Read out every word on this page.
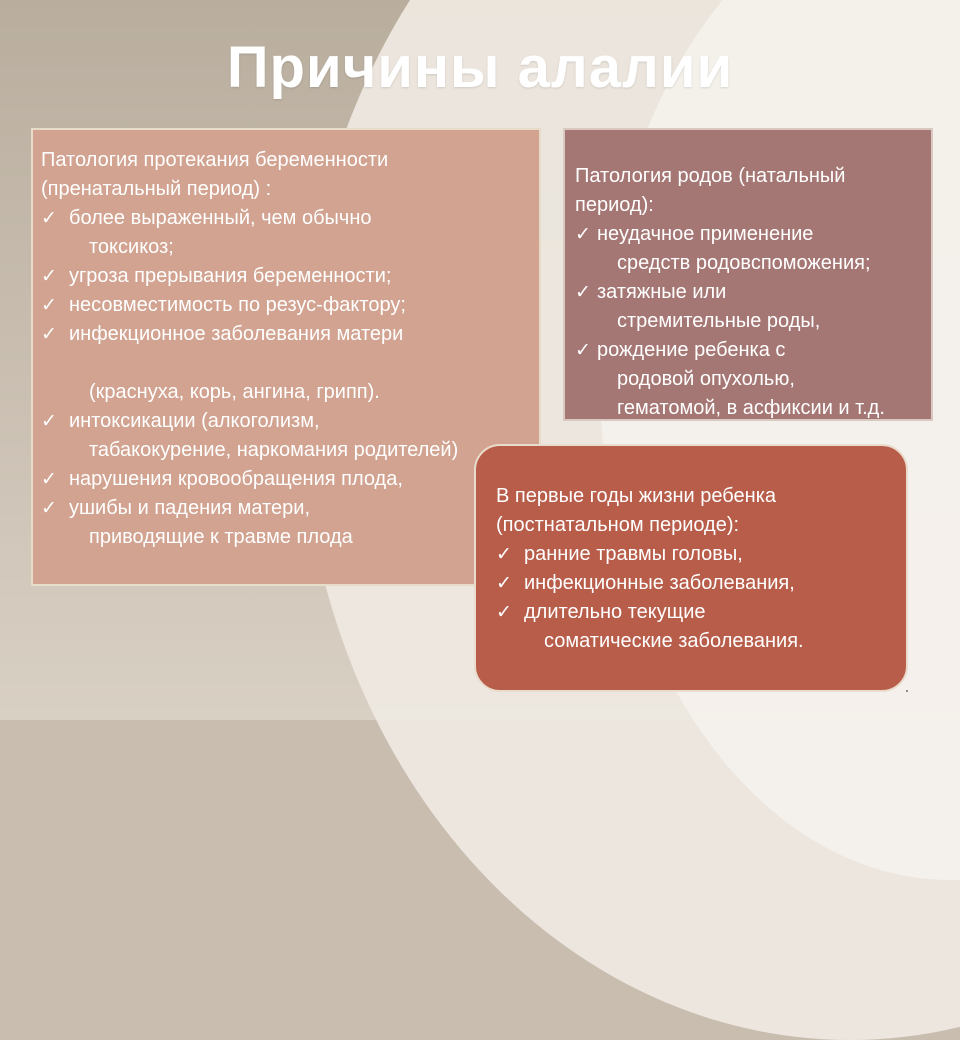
Причины алалии

Патология протекания беременности
(пренатальный период) :

✓ более выраженный, чем обычно
токсикоз;
✓ угроза прерывания беременности;
✓ несовместимость по резус-фактору;
✓ инфекционное заболевания матери
(краснуха, корь, ангина, грипп).
✓ интоксикации (алкоголизм,
табакокурение, наркомания родителей)
✓ нарушения кровообращения плода,
✓ ушибы и падения матери,
приводящие к травме плода

Патология родов (натальный
период):

✓ неудачное применение
средств родовспоможения;
✓ затяжные или
стремительные роды,
✓ рождение ребенка с
родовой опухолью,
гематомой, в асфиксии и т.д.

В первые годы жизни ребенка
(постнатальном периоде):

✓ ранние травмы головы,
✓ инфекционные заболевания,
✓ длительно текущие
соматические заболевания.
